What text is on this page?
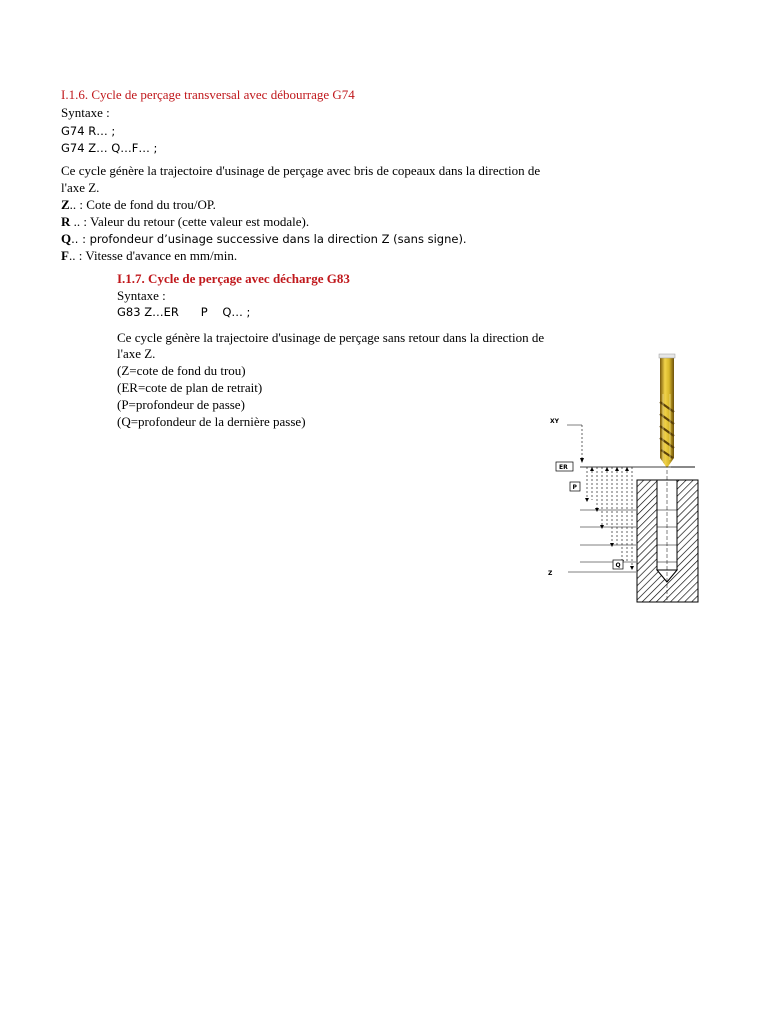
I.1.6. Cycle de perçage transversal avec débourrage G74
Syntaxe :
G74 R… ;
G74 Z… Q…F… ;
Ce cycle génère la trajectoire d'usinage de perçage avec bris de copeaux dans la direction de
l'axe Z.
Z.. : Cote de fond du trou/OP.
R .. : Valeur du retour (cette valeur est modale).
Q.. : profondeur d’usinage successive dans la direction Z (sans signe).
F.. : Vitesse d'avance en mm/min.
I.1.7. Cycle de perçage avec décharge G83
Syntaxe :
G83 Z…ER      P    Q… ;
Ce cycle génère la trajectoire d'usinage de perçage sans retour dans la direction de
l'axe Z.
(Z=cote de fond du trou)
(ER=cote de plan de retrait)
(P=profondeur de passe)
(Q=profondeur de la dernière passe)	XY
ER
P
Q
Z
